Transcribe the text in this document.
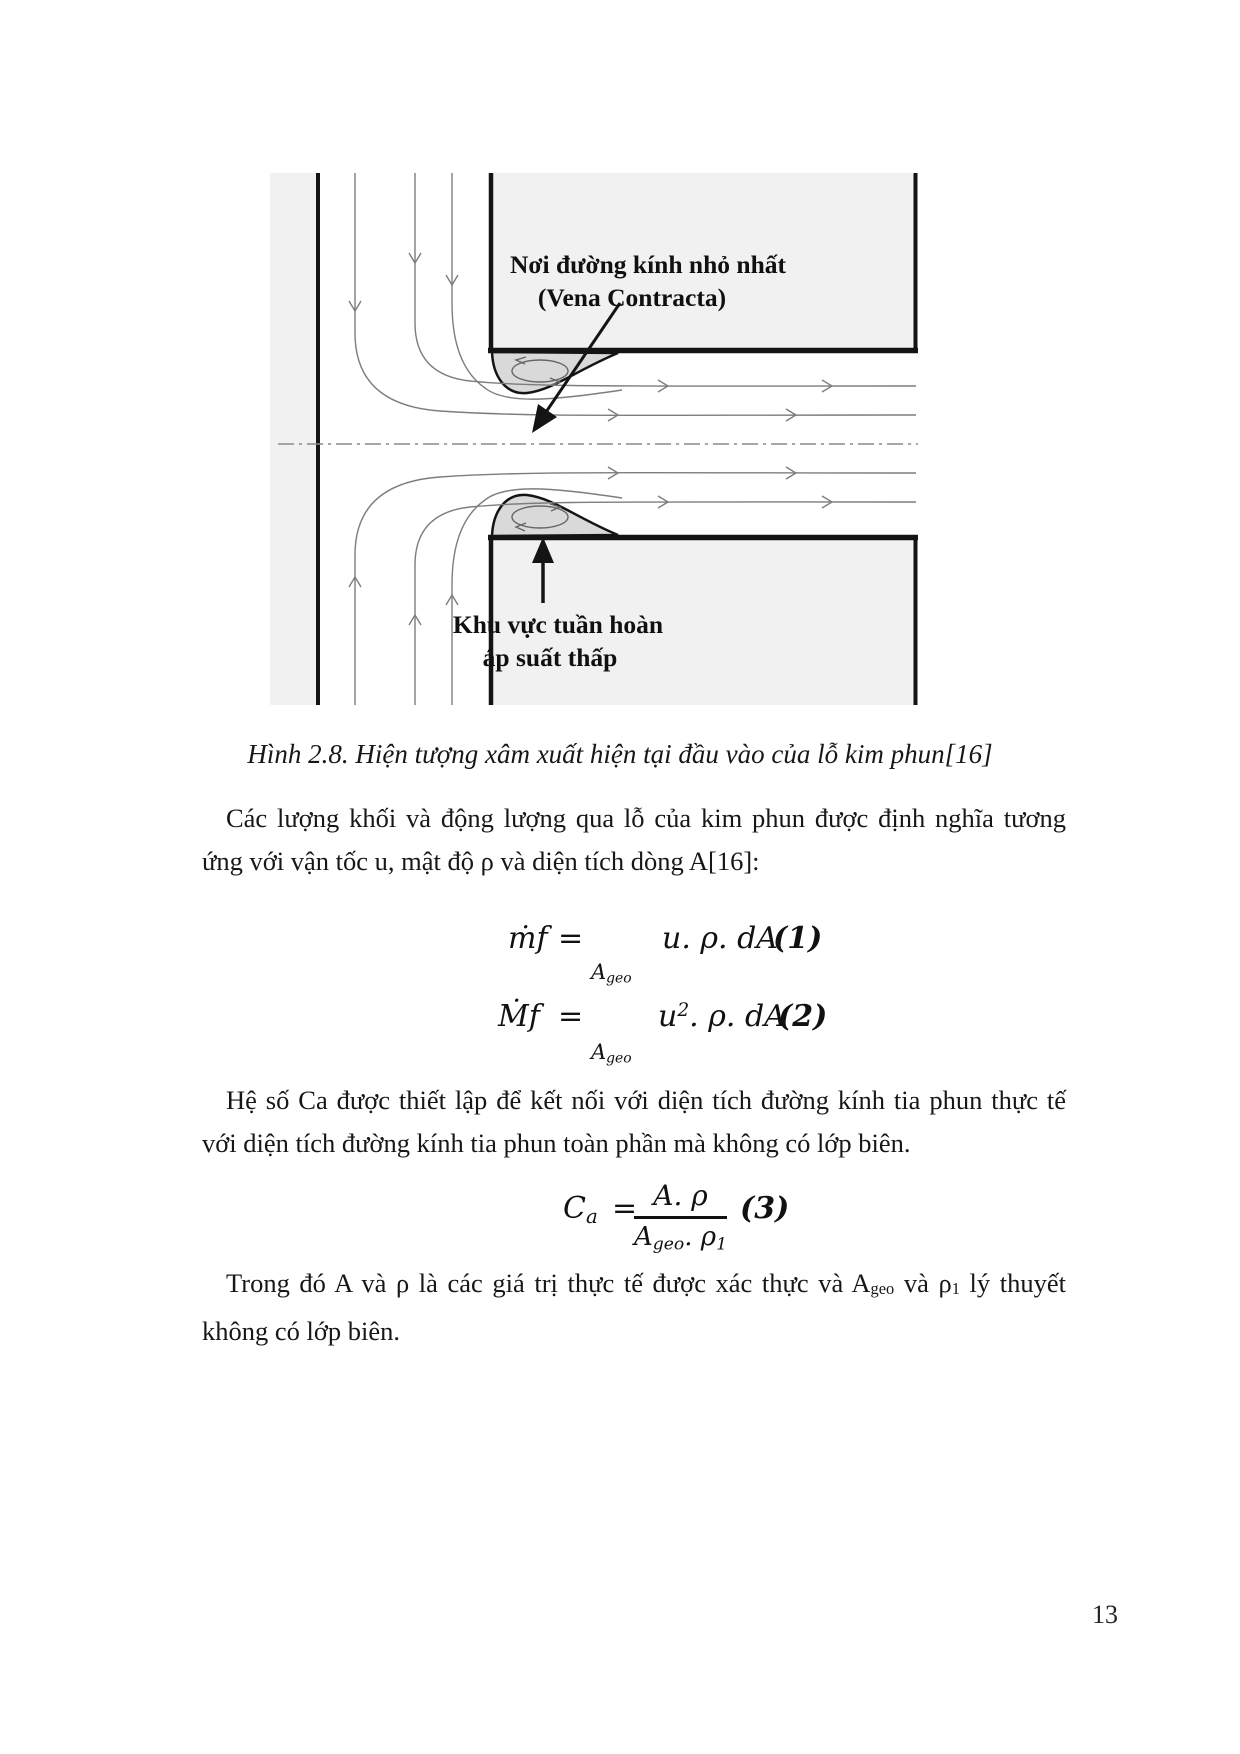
Nơi đường kính nhỏ nhất
(Vena Contracta)
Khu vực tuần hoàn
áp suất thấp
Hình 2.8. Hiện tượng xâm xuất hiện tại đầu vào của lỗ kim phun[16]
Các lượng khối và động lượng qua lỗ của kim phun được định nghĩa tương
ứng với vận tốc u, mật độ ρ và diện tích dòng A[16]:
ṁf =	u. ρ. dA
(1)
$A_{geo}$
Ṁf = $u^2$. ρ. dA
(2)
$A_{geo}$
Hệ số Ca được thiết lập để kết nối với diện tích đường kính tia phun thực tế
với diện tích đường kính tia phun toàn phần mà không có lớp biên.
Ca = A. ρ
$A_{geo}$. $\rho_1$
(3)
Trong đó A và ρ là các giá trị thực tế được xác thực và $A_{geo}$ và $\rho_1$ lý thuyết
không có lớp biên.
13
